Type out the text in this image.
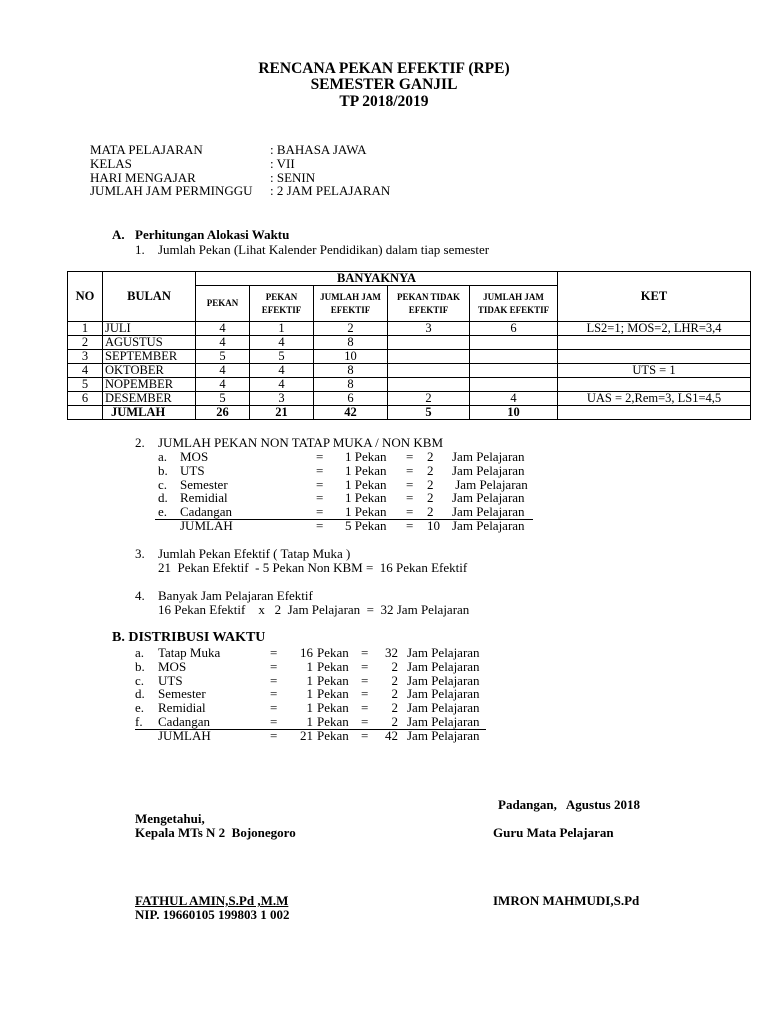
RENCANA PEKAN EFEKTIF (RPE)
SEMESTER GANJIL
TP 2018/2019
MATA PELAJARAN	: BAHASA JAWA
KELAS	: VII
HARI MENGAJAR	: SENIN
JUMLAH JAM PERMINGGU : 2 JAM PELAJARAN
A. Perhitungan Alokasi Waktu
1. Jumlah Pekan (Lihat Kalender Pendidikan) dalam tiap semester
NO	BULAN	BANYAKNYA					KET
		PEKAN	PEKAN EFEKTIF	JUMLAH JAM EFEKTIF	PEKAN TIDAK EFEKTIF	JUMLAH JAM TIDAK EFEKTIF	
1	JULI	4	1	2	3	6	LS2=1; MOS=2, LHR=3,4
2	AGUSTUS	4	4	8			
3	SEPTEMBER	5	5	10			
4	OKTOBER	4	4	8			UTS = 1
5	NOPEMBER	4	4	8			
6	DESEMBER	5	3	6	2	4	UAS = 2,Rem=3, LS1=4,5
	JUMLAH	26	21	42	5	10	
2. JUMLAH PEKAN NON TATAP MUKA / NON KBM
a. MOS	= 1 Pekan = 2 Jam Pelajaran
b. UTS	= 1 Pekan = 2 Jam Pelajaran
c. Semester	= 1 Pekan = 2 Jam Pelajaran
d. Remidial	= 1 Pekan = 2 Jam Pelajaran
e. Cadangan	= 1 Pekan = 2 Jam Pelajaran
JUMLAH	= 5 Pekan = 10 Jam Pelajaran
3. Jumlah Pekan Efektif ( Tatap Muka )
21  Pekan Efektif  - 5 Pekan Non KBM =  16 Pekan Efektif
4. Banyak Jam Pelajaran Efektif
16 Pekan Efektif    x   2  Jam Pelajaran  =  32 Jam Pelajaran
B. DISTRIBUSI WAKTU
a. Tatap Muka	= 16 Pekan = 32 Jam Pelajaran
b. MOS	= 1 Pekan = 2 Jam Pelajaran
c. UTS	= 1 Pekan = 2 Jam Pelajaran
d. Semester	= 1 Pekan = 2 Jam Pelajaran
e. Remidial	= 1 Pekan = 2 Jam Pelajaran
f. Cadangan	= 1 Pekan = 2 Jam Pelajaran
JUMLAH	= 21 Pekan = 42 Jam Pelajaran
Padangan,   Agustus 2018
Mengetahui,
Kepala MTs N 2  Bojonegoro	Guru Mata Pelajaran
FATHUL AMIN,S.Pd ,M.M
NIP. 19660105 199803 1 002
IMRON MAHMUDI,S.Pd
